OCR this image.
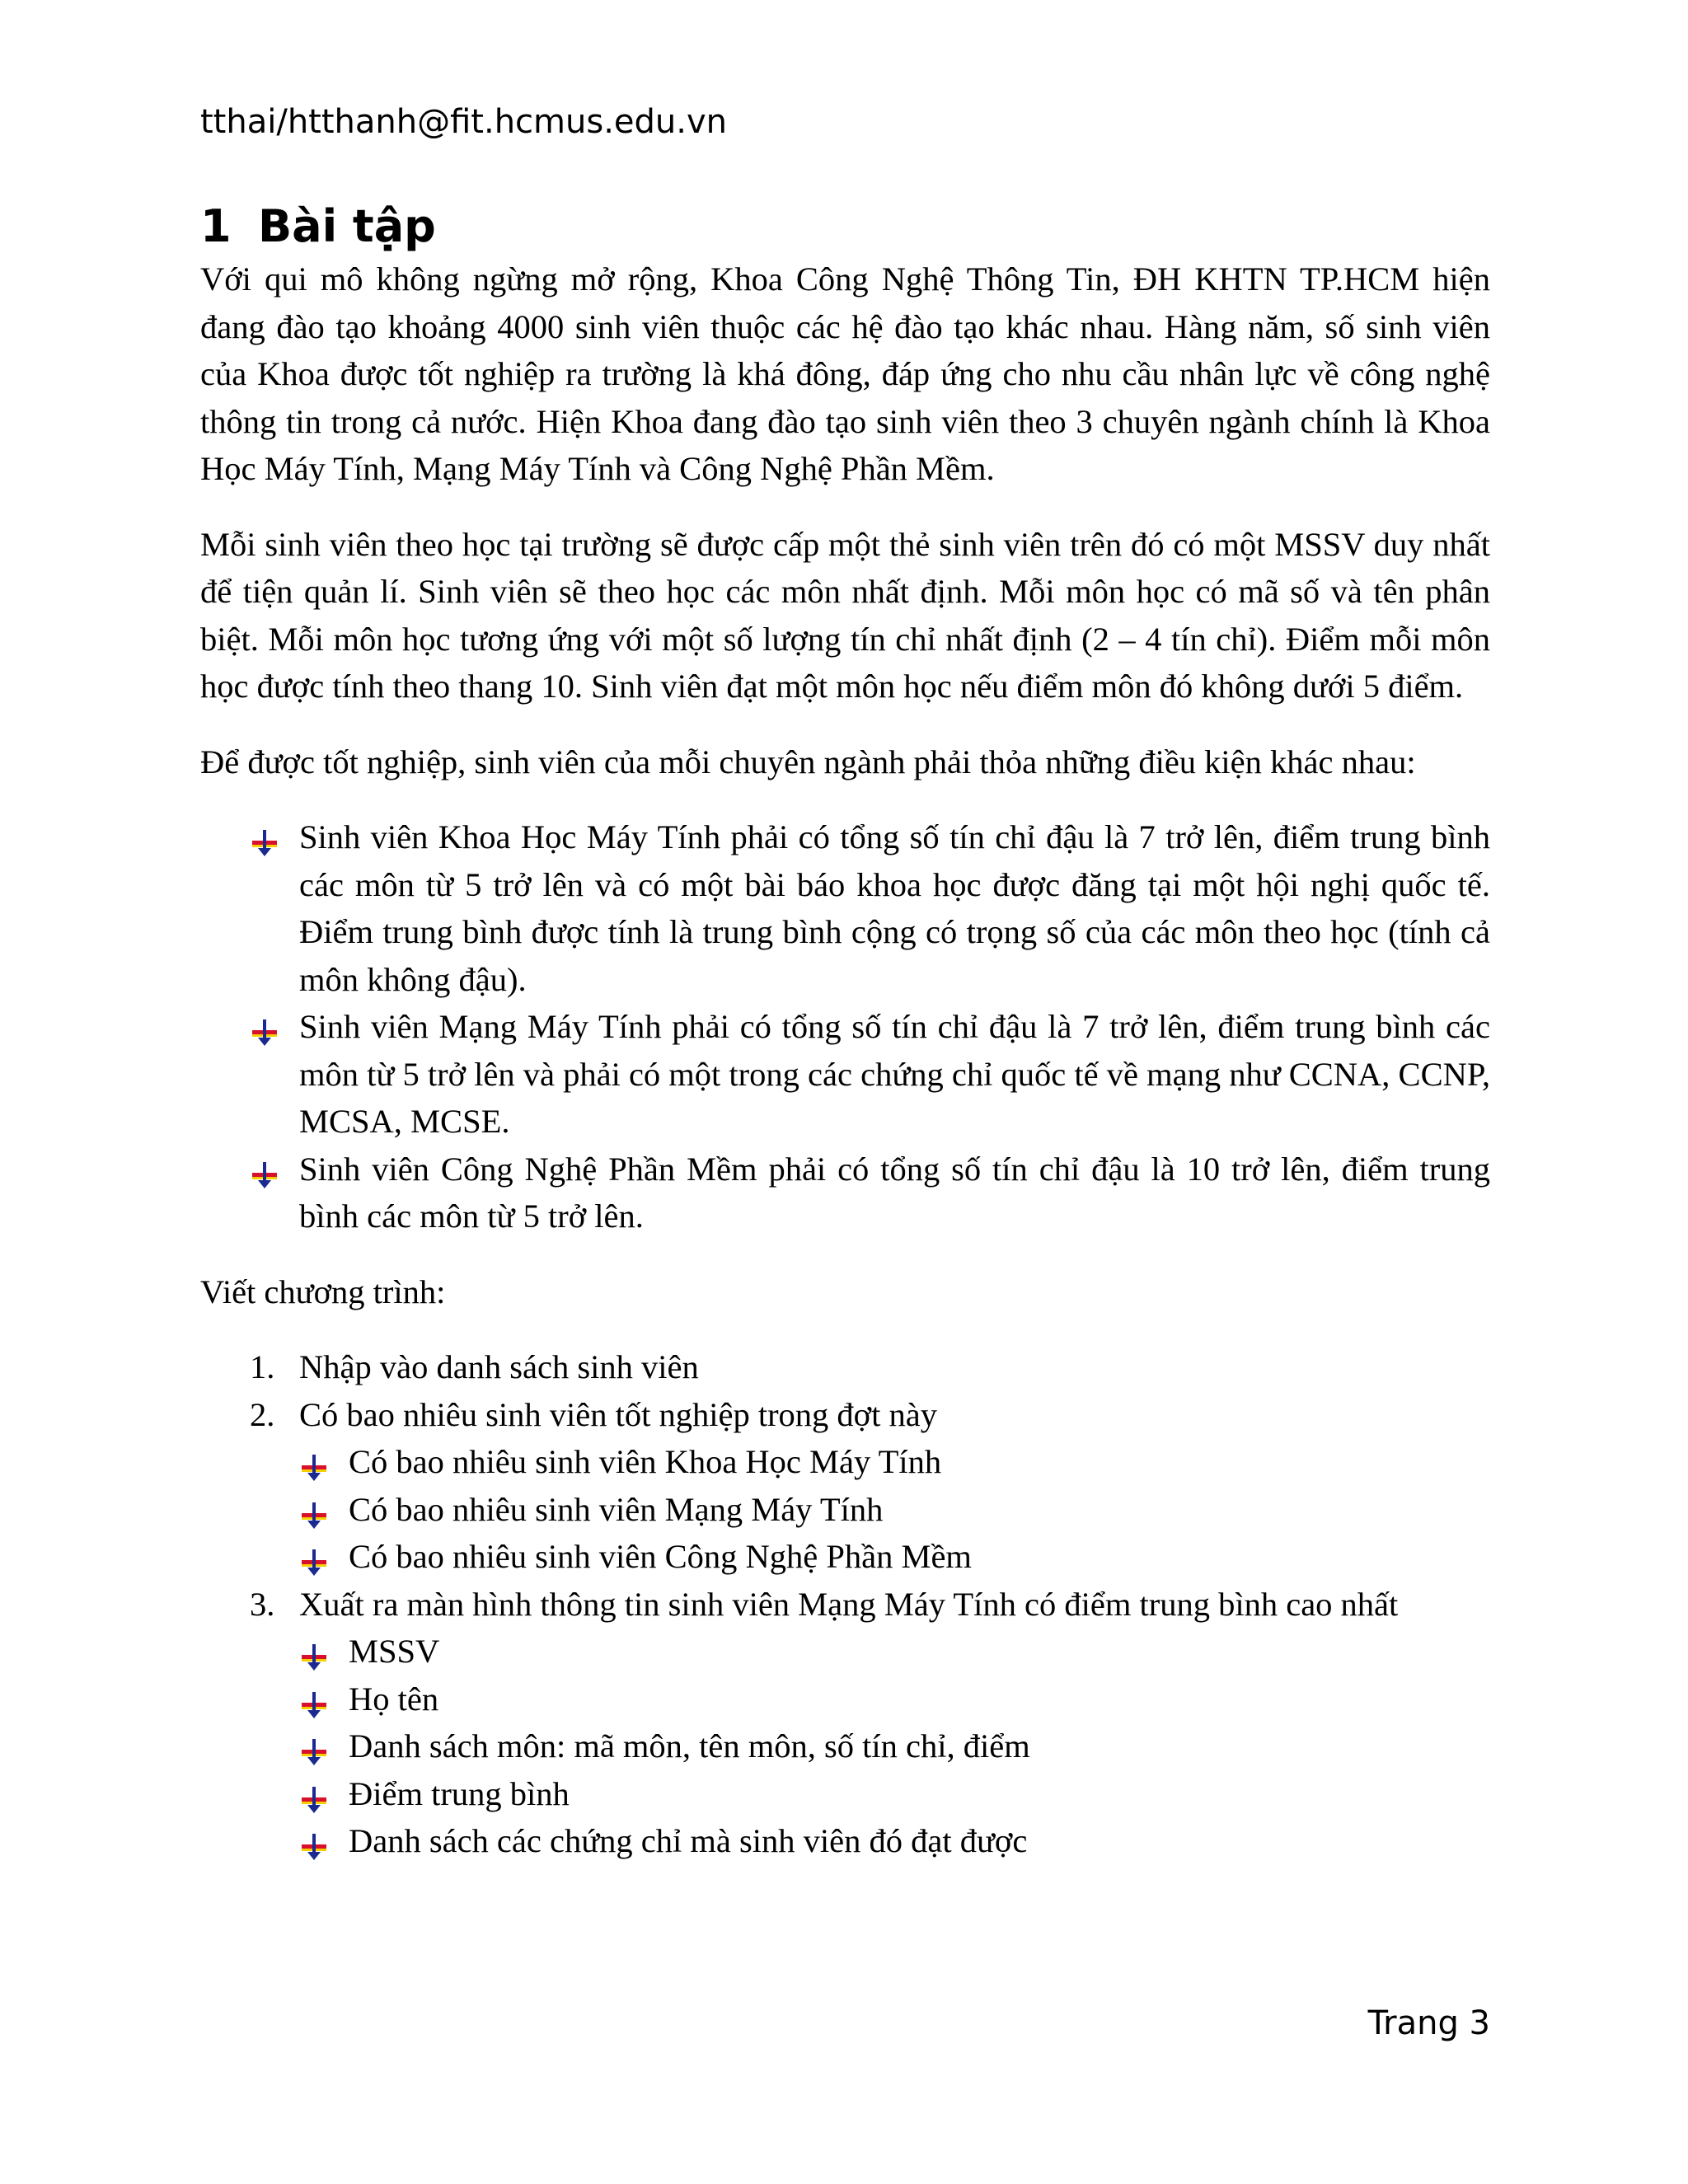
tthai/htthanh@fit.hcmus.edu.vn
1 Bài tập

Với qui mô không ngừng mở rộng, Khoa Công Nghệ Thông Tin, ĐH KHTN TP.HCM hiện đang đào tạo khoảng 4000 sinh viên thuộc các hệ đào tạo khác nhau. Hàng năm, số sinh viên của Khoa được tốt nghiệp ra trường là khá đông, đáp ứng cho nhu cầu nhân lực về công nghệ thông tin trong cả nước. Hiện Khoa đang đào tạo sinh viên theo 3 chuyên ngành chính là Khoa Học Máy Tính, Mạng Máy Tính và Công Nghệ Phần Mềm.

Mỗi sinh viên theo học tại trường sẽ được cấp một thẻ sinh viên trên đó có một MSSV duy nhất để tiện quản lí. Sinh viên sẽ theo học các môn nhất định. Mỗi môn học có mã số và tên phân biệt. Mỗi môn học tương ứng với một số lượng tín chỉ nhất định (2 – 4 tín chỉ). Điểm mỗi môn học được tính theo thang 10. Sinh viên đạt một môn học nếu điểm môn đó không dưới 5 điểm.

Để được tốt nghiệp, sinh viên của mỗi chuyên ngành phải thỏa những điều kiện khác nhau:

Sinh viên Khoa Học Máy Tính phải có tổng số tín chỉ đậu là 7 trở lên, điểm trung bình các môn từ 5 trở lên và có một bài báo khoa học được đăng tại một hội nghị quốc tế. Điểm trung bình được tính là trung bình cộng có trọng số của các môn theo học (tính cả môn không đậu).
Sinh viên Mạng Máy Tính phải có tổng số tín chỉ đậu là 7 trở lên, điểm trung bình các môn từ 5 trở lên và phải có một trong các chứng chỉ quốc tế về mạng như CCNA, CCNP, MCSA, MCSE.
Sinh viên Công Nghệ Phần Mềm phải có tổng số tín chỉ đậu là 10 trở lên, điểm trung bình các môn từ 5 trở lên.

Viết chương trình:

1. Nhập vào danh sách sinh viên
2. Có bao nhiêu sinh viên tốt nghiệp trong đợt này
Có bao nhiêu sinh viên Khoa Học Máy Tính
Có bao nhiêu sinh viên Mạng Máy Tính
Có bao nhiêu sinh viên Công Nghệ Phần Mềm
3. Xuất ra màn hình thông tin sinh viên Mạng Máy Tính có điểm trung bình cao nhất
MSSV
Họ tên
Danh sách môn: mã môn, tên môn, số tín chỉ, điểm
Điểm trung bình
Danh sách các chứng chỉ mà sinh viên đó đạt được
Trang 3
